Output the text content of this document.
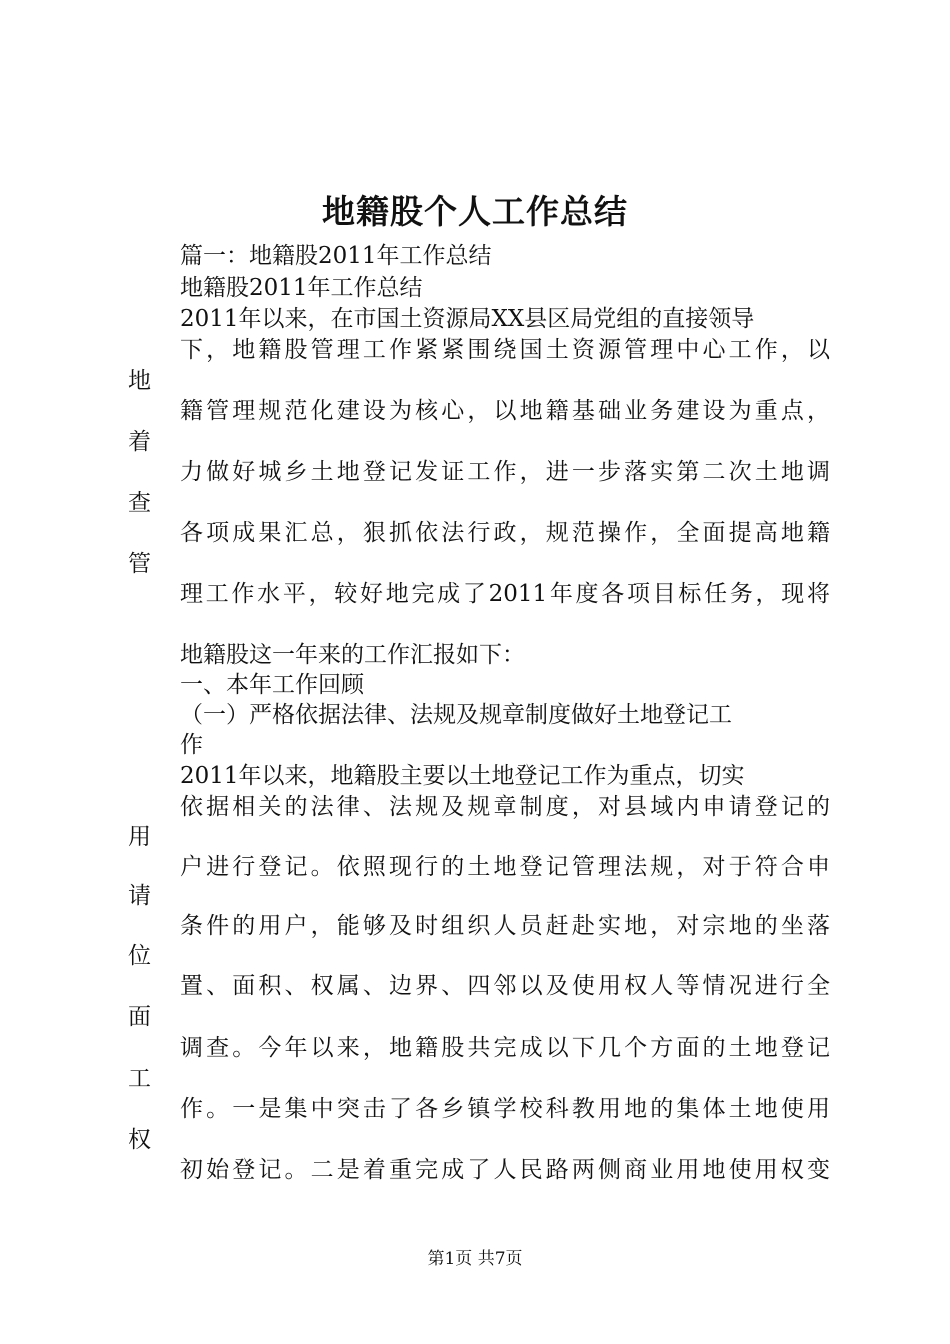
地籍股个人工作总结
篇一：地籍股2011年工作总结
地籍股2011年工作总结
2011年以来，在市国土资源局XX县区局党组的直接领导
下，地籍股管理工作紧紧围绕国土资源管理中心工作，以
籍管理规范化建设为核心，以地籍基础业务建设为重点，
力做好城乡土地登记发证工作，进一步落实第二次土地调
各项成果汇总，狠抓依法行政，规范操作，全面提高地籍
理工作水平，较好地完成了2011年度各项目标任务，现将
地籍股这一年来的工作汇报如下：
一、本年工作回顾
（一）严格依据法律、法规及规章制度做好土地登记工
作
2011年以来，地籍股主要以土地登记工作为重点，切实
依据相关的法律、法规及规章制度，对县域内申请登记的
户进行登记。依照现行的土地登记管理法规，对于符合申
条件的用户，能够及时组织人员赶赴实地，对宗地的坐落
置、面积、权属、边界、四邻以及使用权人等情况进行全
调查。今年以来，地籍股共完成以下几个方面的土地登记
作。一是集中突击了各乡镇学校科教用地的集体土地使用
初始登记。二是着重完成了人民路两侧商业用地使用权变
地
着
查
管
用
请
位
面
工
权
第1页 共7页
